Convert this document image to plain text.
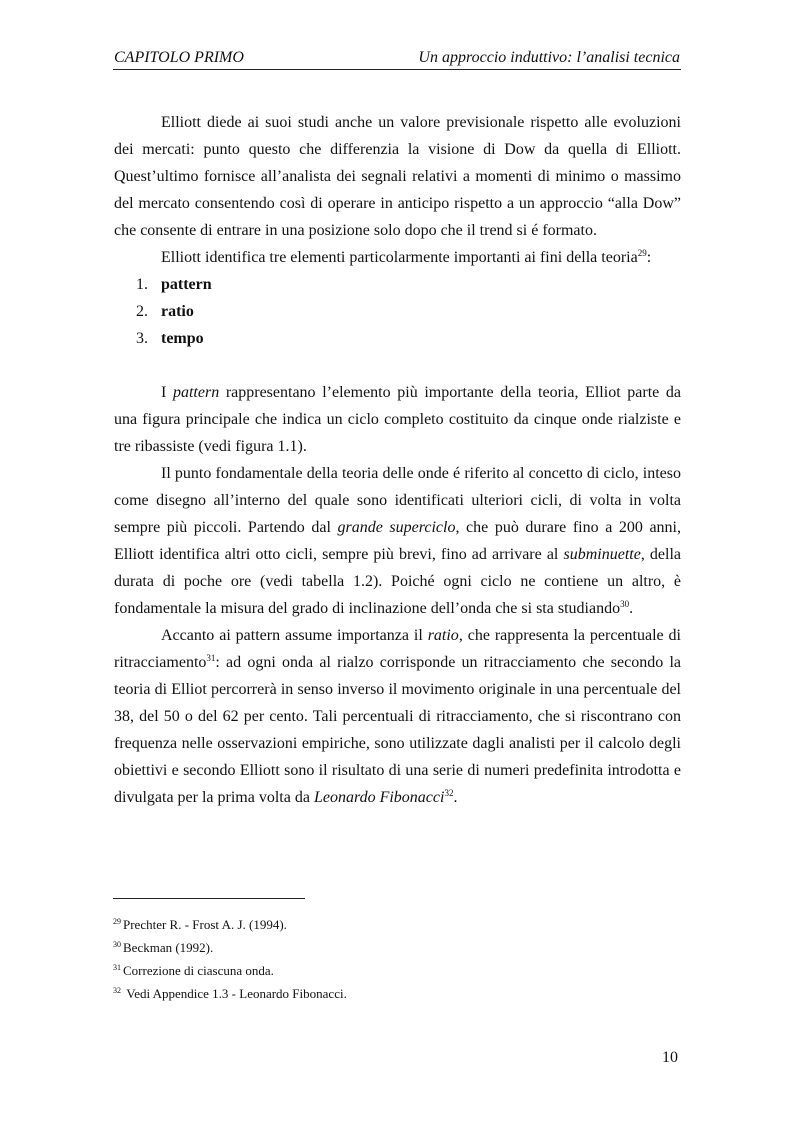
CAPITOLO PRIMO	Un approccio induttivo: l’analisi tecnica

Elliott diede ai suoi studi anche un valore previsionale rispetto alle evoluzioni dei mercati: punto questo che differenzia la visione di Dow da quella di Elliott. Quest’ultimo fornisce all’analista dei segnali relativi a momenti di minimo o massimo del mercato consentendo così di operare in anticipo rispetto a un approccio “alla Dow” che consente di entrare in una posizione solo dopo che il trend si é formato.

Elliott identifica tre elementi particolarmente importanti ai fini della teoria$^{29}$:

1. pattern
2. ratio
3. tempo

I pattern rappresentano l’elemento più importante della teoria, Elliot parte da una figura principale che indica un ciclo completo costituito da cinque onde rialziste e tre ribassiste (vedi figura 1.1).

Il punto fondamentale della teoria delle onde é riferito al concetto di ciclo, inteso come disegno all’interno del quale sono identificati ulteriori cicli, di volta in volta sempre più piccoli. Partendo dal grande superciclo, che può durare fino a 200 anni, Elliott identifica altri otto cicli, sempre più brevi, fino ad arrivare al subminuette, della durata di poche ore (vedi tabella 1.2). Poiché ogni ciclo ne contiene un altro, è fondamentale la misura del grado di inclinazione dell’onda che si sta studiando$^{30}$.

Accanto ai pattern assume importanza il ratio, che rappresenta la percentuale di ritracciamento$^{31}$: ad ogni onda al rialzo corrisponde un ritracciamento che secondo la teoria di Elliot percorrerà in senso inverso il movimento originale in una percentuale del 38, del 50 o del 62 per cento. Tali percentuali di ritracciamento, che si riscontrano con frequenza nelle osservazioni empiriche, sono utilizzate dagli analisti per il calcolo degli obiettivi e secondo Elliott sono il risultato di una serie di numeri predefinita introdotta e divulgata per la prima volta da Leonardo Fibonacci$^{32}$.

$^{29}$ Prechter R. - Frost A. J. (1994).
$^{30}$ Beckman (1992).
$^{31}$ Correzione di ciascuna onda.
$^{32}$ Vedi Appendice 1.3 - Leonardo Fibonacci.
10
